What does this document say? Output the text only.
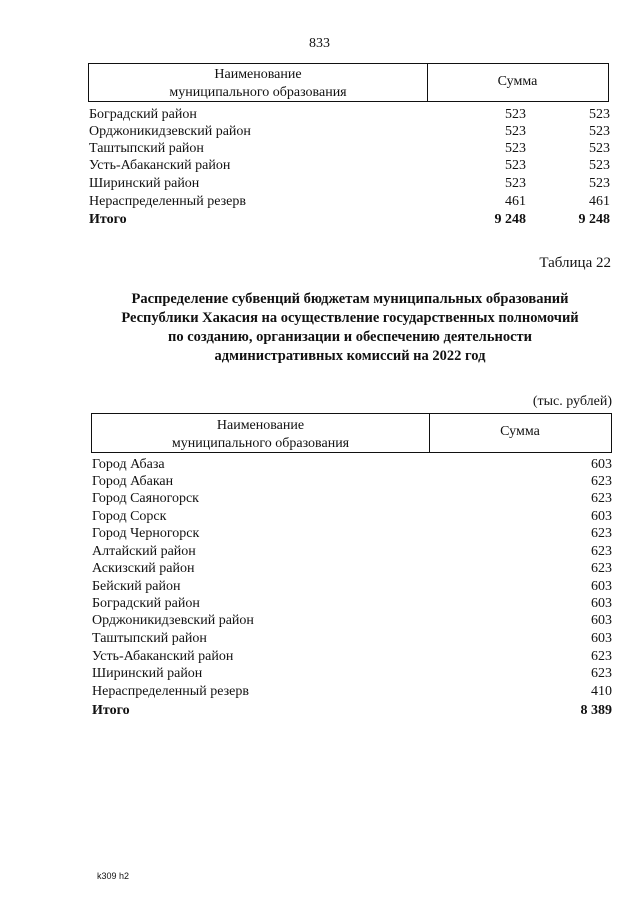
833
Наименование
муниципального образования
Сумма
Боградский район	523	523
Орджоникидзевский район	523	523
Таштыпский район	523	523
Усть-Абаканский район	523	523
Ширинский район	523	523
Нераспределенный резерв	461	461
Итого	9 248	9 248
Таблица 22
Распределение субвенций бюджетам муниципальных образований
Республики Хакасия на осуществление государственных полномочий
по созданию, организации и обеспечению деятельности
административных комиссий на 2022 год
(тыс. рублей)
Наименование
муниципального образования
Сумма
Город Абаза	603
Город Абакан	623
Город Саяногорск	623
Город Сорск	603
Город Черногорск	623
Алтайский район	623
Аскизский район	623
Бейский район	603
Боградский район	603
Орджоникидзевский район	603
Таштыпский район	603
Усть-Абаканский район	623
Ширинский район	623
Нераспределенный резерв	410
Итого	8 389
k309 h2
